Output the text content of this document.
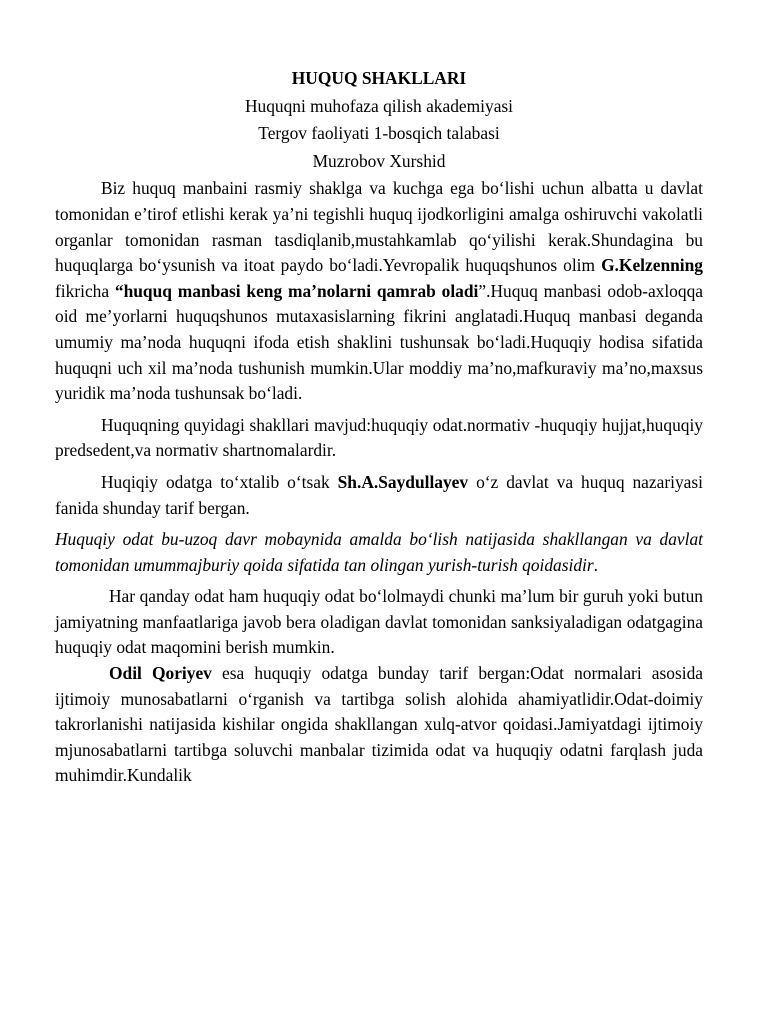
HUQUQ SHAKLLARI

Huquqni muhofaza qilish akademiyasi

Tergov faoliyati 1-bosqich talabasi

Muzrobov Xurshid

Biz huquq manbaini rasmiy shaklga va kuchga ega bo‘lishi uchun albatta u davlat tomonidan e’tirof etlishi kerak ya’ni tegishli huquq ijodkorligini amalga oshiruvchi vakolatli organlar tomonidan rasman tasdiqlanib,mustahkamlab qo‘yilishi kerak.Shundagina bu huquqlarga bo‘ysunish va itoat paydo bo‘ladi.Yevropalik huquqshunos olim G.Kelzenning fikricha “huquq manbasi keng ma’nolarni qamrab oladi”.Huquq manbasi odob-axloqqa oid me’yorlarni huquqshunos mutaxasislarning fikrini anglatadi.Huquq manbasi deganda umumiy ma’noda huquqni ifoda etish shaklini tushunsak bo‘ladi.Huquqiy hodisa sifatida huquqni uch xil ma’noda tushunish mumkin.Ular moddiy ma’no,mafkuraviy ma’no,maxsus yuridik ma’noda tushunsak bo‘ladi.

Huquqning quyidagi shakllari mavjud:huquqiy odat.normativ -huquqiy hujjat,huquqiy predsedent,va normativ shartnomalardir.

Huqiqiy odatga to‘xtalib o‘tsak Sh.A.Saydullayev o‘z davlat va huquq nazariyasi fanida shunday tarif bergan.

Huquqiy odat bu-uzoq davr mobaynida amalda bo‘lish natijasida shakllangan va davlat tomonidan umummajburiy qoida sifatida tan olingan yurish-turish qoidasidir.

Har qanday odat ham huquqiy odat bo‘lolmaydi chunki ma’lum bir guruh yoki butun jamiyatning manfaatlariga javob bera oladigan davlat tomonidan sanksiyaladigan odatgagina huquqiy odat maqomini berish mumkin.

Odil Qoriyev esa huquqiy odatga bunday tarif bergan:Odat normalari asosida ijtimoiy munosabatlarni o‘rganish va tartibga solish alohida ahamiyatlidir.Odat-doimiy takrorlanishi natijasida kishilar ongida shakllangan xulq-atvor qoidasi.Jamiyatdagi ijtimoiy mjunosabatlarni tartibga soluvchi manbalar tizimida odat va huquqiy odatni farqlash juda muhimdir.Kundalik
